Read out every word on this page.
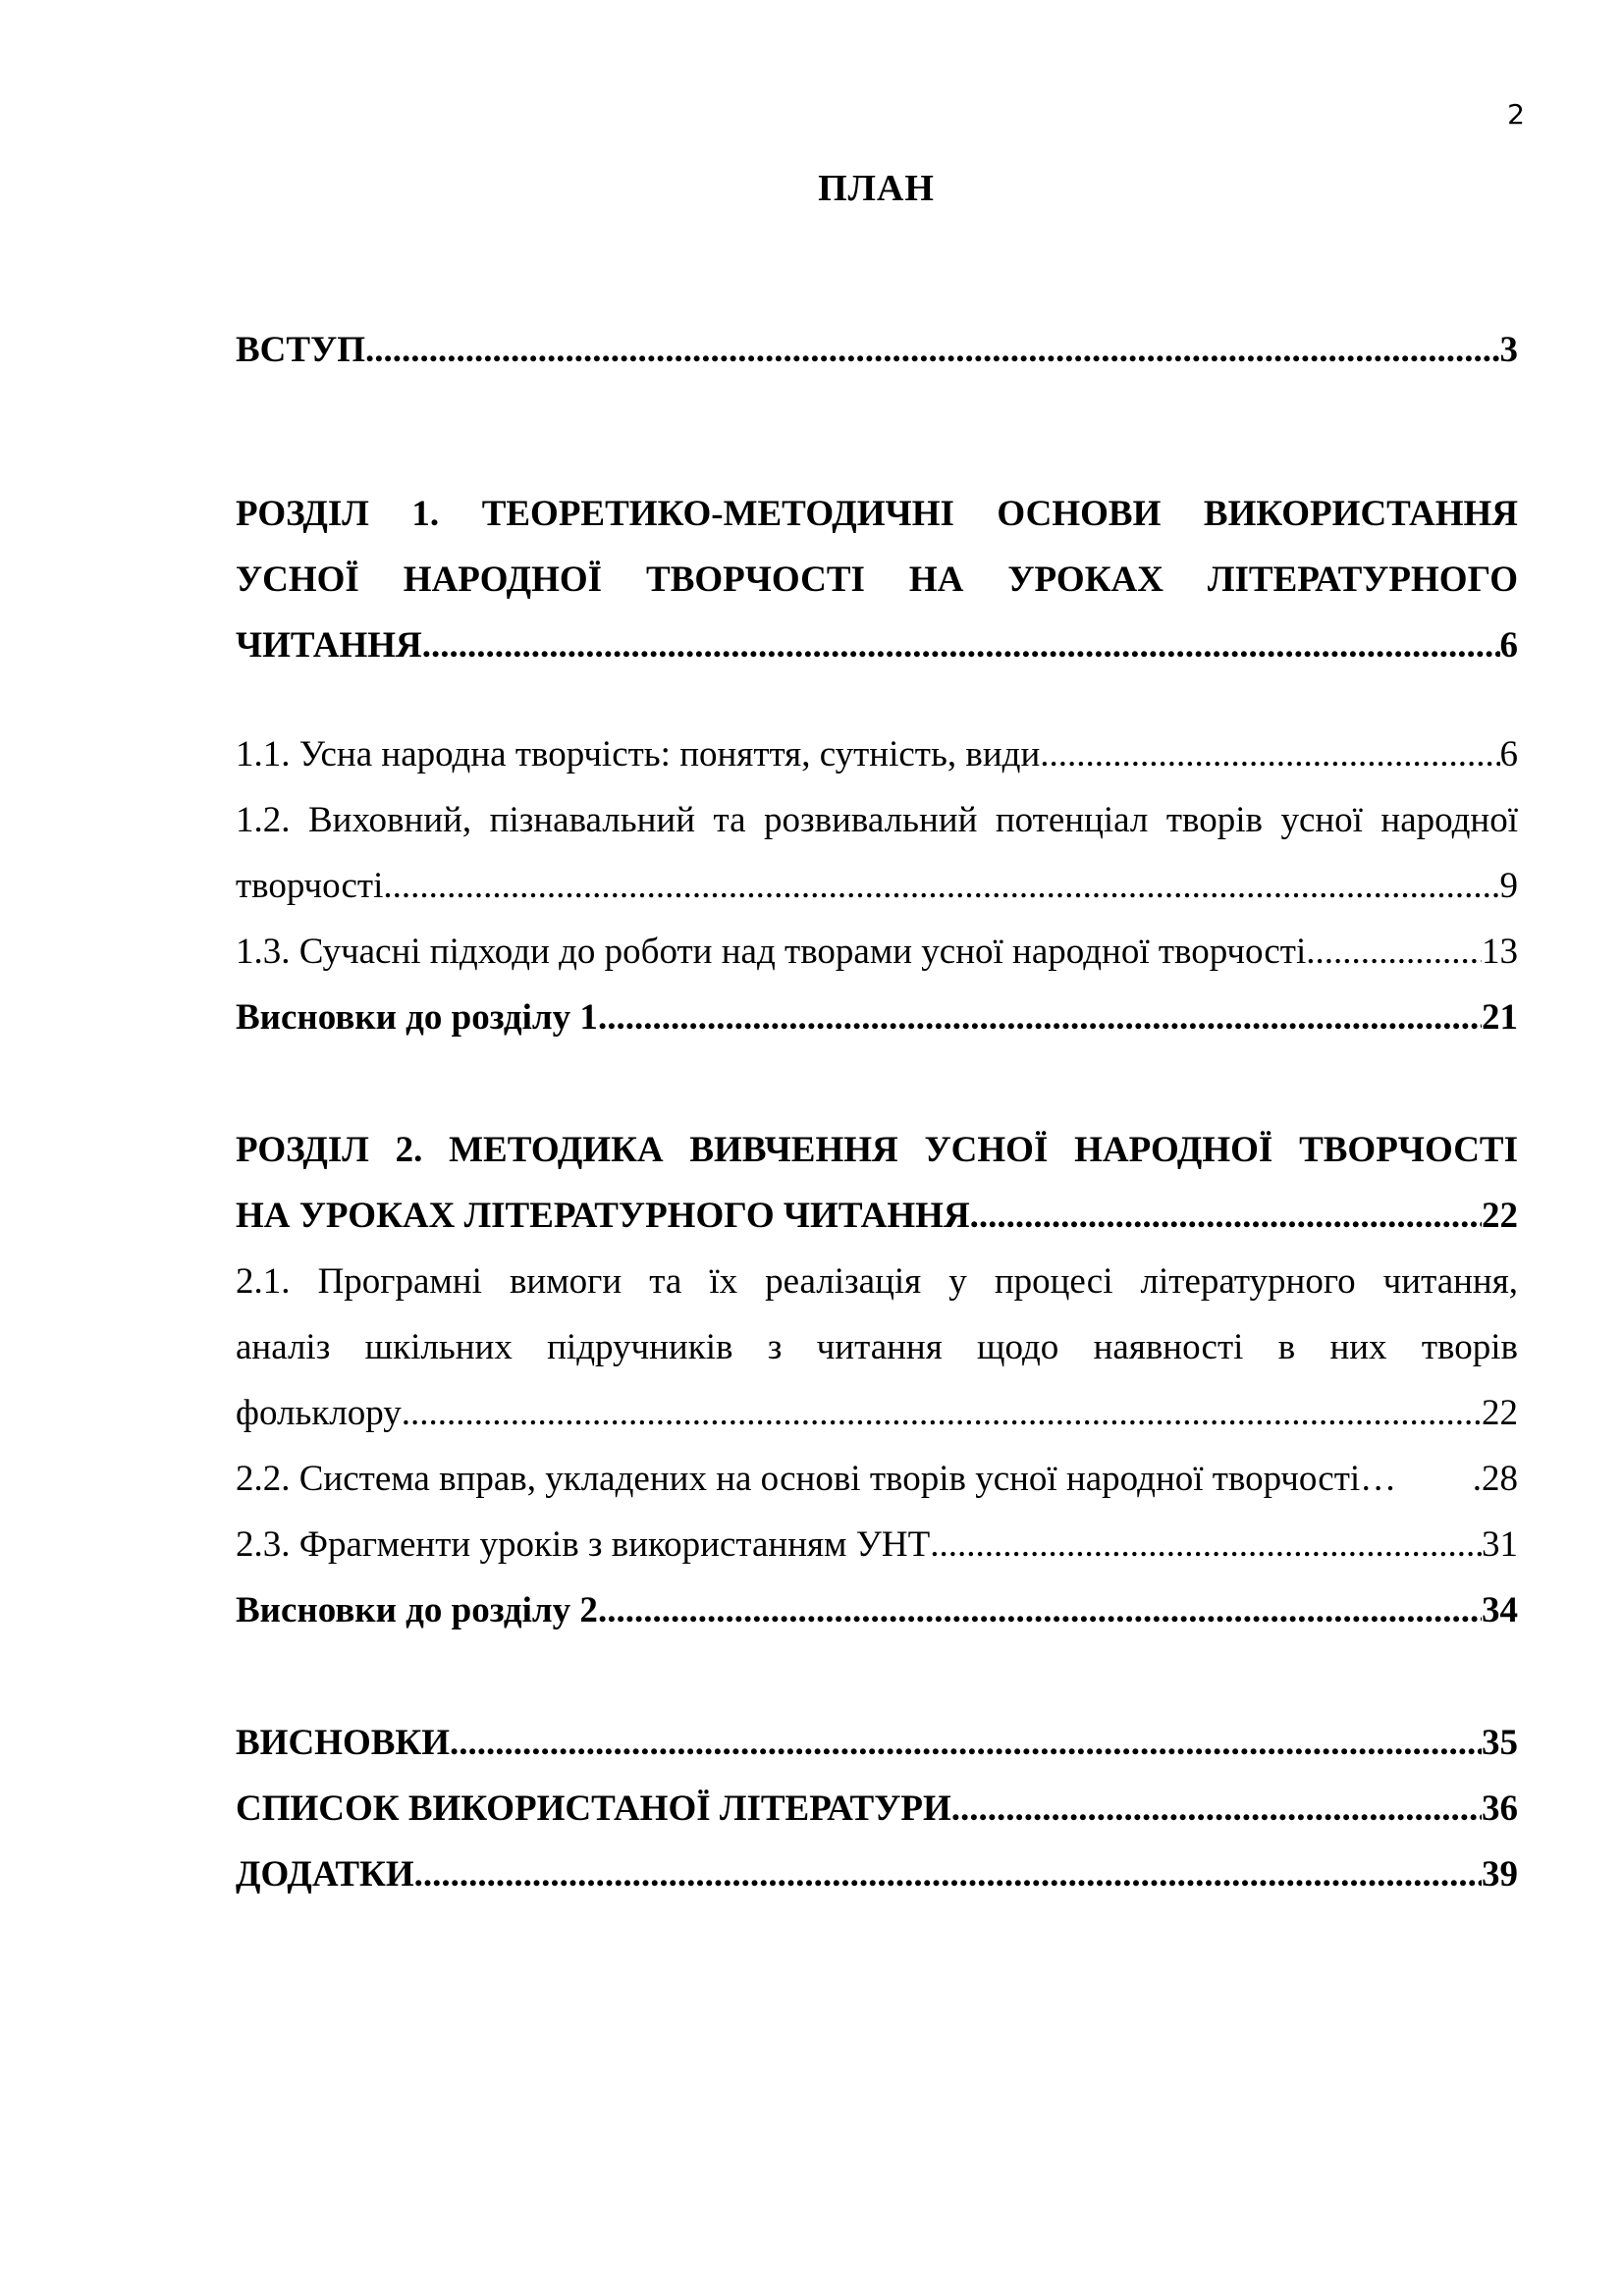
2
ПЛАН
ВСТУП .....	3
РОЗДІЛ 1. ТЕОРЕТИКО-МЕТОДИЧНІ ОСНОВИ ВИКОРИСТАННЯ
УСНОЇ НАРОДНОЇ ТВОРЧОСТІ НА УРОКАХ ЛІТЕРАТУРНОГО
ЧИТАННЯ .....	6
1.1. Усна народна творчість: поняття, сутність, види .....	6
1.2. Виховний, пізнавальний та розвивальний потенціал творів усної народної
творчості .....	9
1.3. Сучасні підходи до роботи над творами усної народної творчості .....	13
Висновки до розділу 1 .....	21
РОЗДІЛ 2. МЕТОДИКА ВИВЧЕННЯ УСНОЇ НАРОДНОЇ ТВОРЧОСТІ
НА УРОКАХ ЛІТЕРАТУРНОГО ЧИТАННЯ .....	22
2.1. Програмні вимоги та їх реалізація у процесі літературного читання,
аналіз шкільних підручників з читання щодо наявності в них творів
фольклору .....	22
2.2. Система вправ, укладених на основі творів усної народної творчості… .28
2.3. Фрагменти уроків з використанням УНТ .....	31
Висновки до розділу 2 .....	34
ВИСНОВКИ .....	35
СПИСОК ВИКОРИСТАНОЇ ЛІТЕРАТУРИ .....	36
ДОДАТКИ .....	39
